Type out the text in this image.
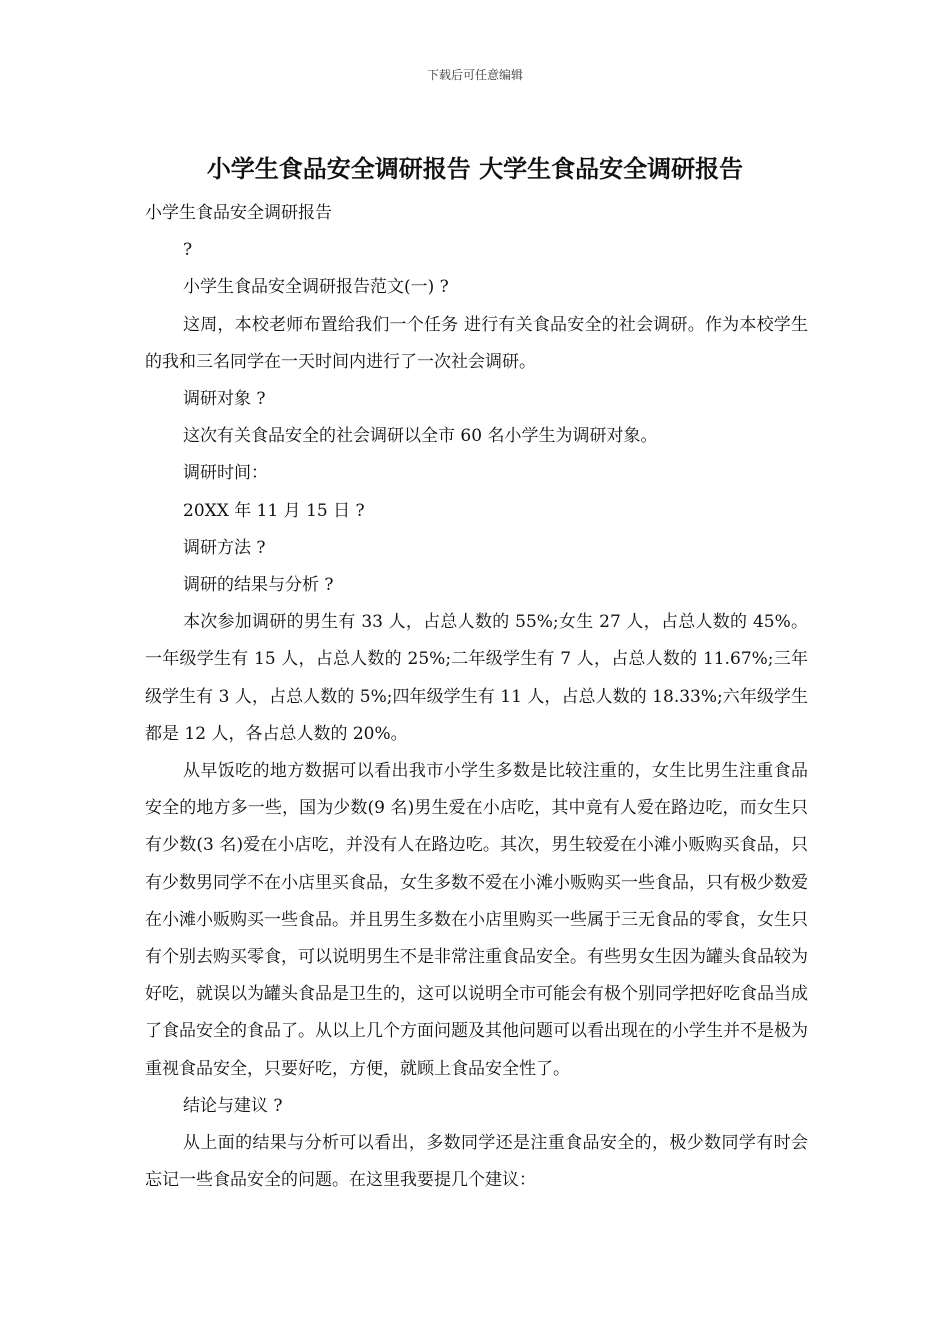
下载后可任意编辑
小学生食品安全调研报告 大学生食品安全调研报告

小学生食品安全调研报告

?

小学生食品安全调研报告范文(一) ?

这周，本校老师布置给我们一个任务 进行有关食品安全的社会调研。作为本校学生的我和三名同学在一天时间内进行了一次社会调研。

调研对象 ?

这次有关食品安全的社会调研以全市 60 名小学生为调研对象。

调研时间：

20XX 年 11 月 15 日 ?

调研方法 ?

调研的结果与分析 ?

本次参加调研的男生有 33 人，占总人数的 55%;女生 27 人，占总人数的 45%。一年级学生有 15 人，占总人数的 25%;二年级学生有 7 人，占总人数的 11.67%;三年级学生有 3 人，占总人数的 5%;四年级学生有 11 人，占总人数的 18.33%;六年级学生都是 12 人，各占总人数的 20%。

从早饭吃的地方数据可以看出我市小学生多数是比较注重的，女生比男生注重食品安全的地方多一些，国为少数(9 名)男生爱在小店吃，其中竟有人爱在路边吃，而女生只有少数(3 名)爱在小店吃，并没有人在路边吃。其次，男生较爱在小滩小贩购买食品，只有少数男同学不在小店里买食品，女生多数不爱在小滩小贩购买一些食品，只有极少数爱在小滩小贩购买一些食品。并且男生多数在小店里购买一些属于三无食品的零食，女生只有个别去购买零食，可以说明男生不是非常注重食品安全。有些男女生因为罐头食品较为好吃，就误以为罐头食品是卫生的，这可以说明全市可能会有极个别同学把好吃食品当成了食品安全的食品了。从以上几个方面问题及其他问题可以看出现在的小学生并不是极为重视食品安全，只要好吃，方便，就顾上食品安全性了。

结论与建议 ?

从上面的结果与分析可以看出，多数同学还是注重食品安全的，极少数同学有时会忘记一些食品安全的问题。在这里我要提几个建议：
